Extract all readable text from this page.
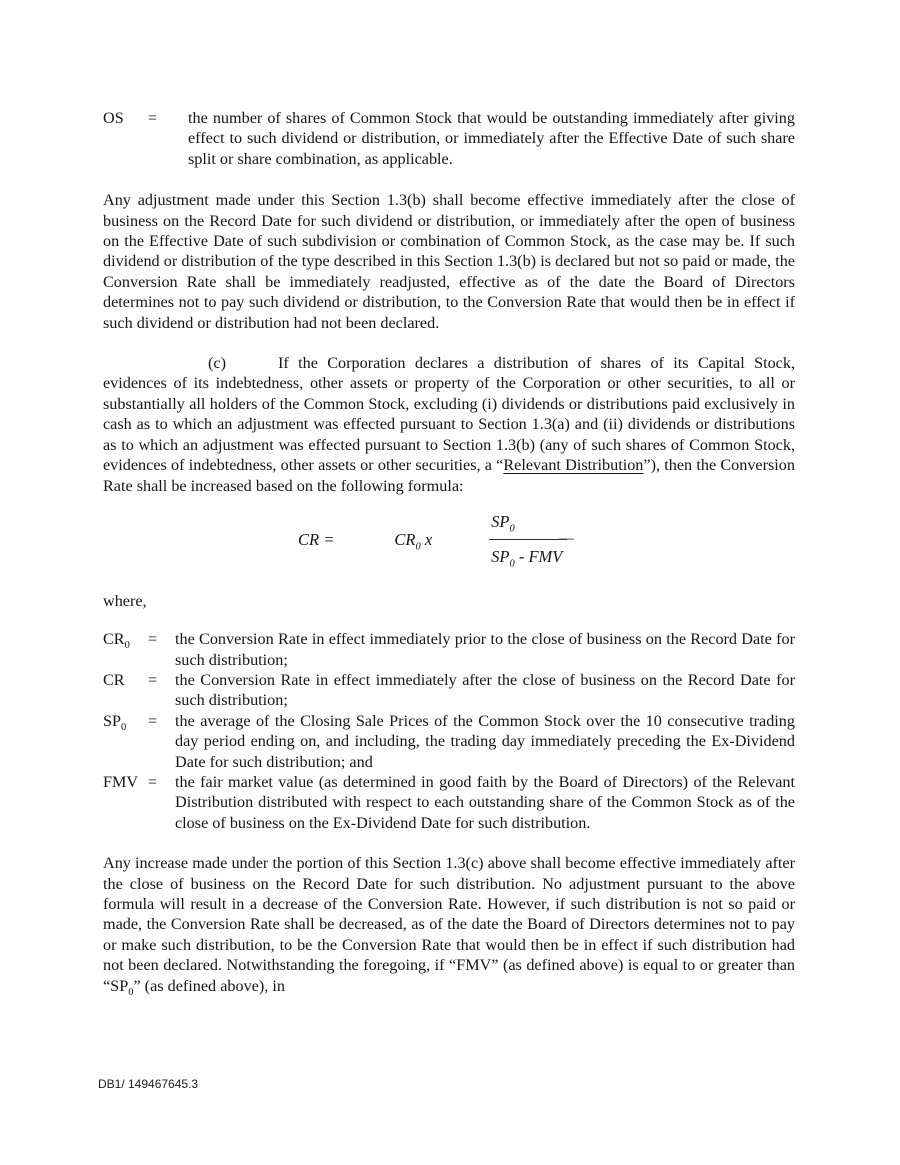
OS	=	the number of shares of Common Stock that would be outstanding immediately after giving effect to such dividend or distribution, or immediately after the Effective Date of such share split or share combination, as applicable.

Any adjustment made under this Section 1.3(b) shall become effective immediately after the close of business on the Record Date for such dividend or distribution, or immediately after the open of business on the Effective Date of such subdivision or combination of Common Stock, as the case may be. If such dividend or distribution of the type described in this Section 1.3(b) is declared but not so paid or made, the Conversion Rate shall be immediately readjusted, effective as of the date the Board of Directors determines not to pay such dividend or distribution, to the Conversion Rate that would then be in effect if such dividend or distribution had not been declared.

(c)	If the Corporation declares a distribution of shares of its Capital Stock, evidences of its indebtedness, other assets or property of the Corporation or other securities, to all or substantially all holders of the Common Stock, excluding (i) dividends or distributions paid exclusively in cash as to which an adjustment was effected pursuant to Section 1.3(a) and (ii) dividends or distributions as to which an adjustment was effected pursuant to Section 1.3(b) (any of such shares of Common Stock, evidences of indebtedness, other assets or other securities, a “Relevant Distribution”), then the Conversion Rate shall be increased based on the following formula:

CR =	$CR_0$ x
$SP_0$	—
$SP_0$ - FMV

where,

$CR_0$	=	the Conversion Rate in effect immediately prior to the close of business on the Record Date for such distribution;
CR	=	the Conversion Rate in effect immediately after the close of business on the Record Date for such distribution;
$SP_0$	=	the average of the Closing Sale Prices of the Common Stock over the 10 consecutive trading day period ending on, and including, the trading day immediately preceding the Ex-Dividend Date for such distribution; and
FMV =	the fair market value (as determined in good faith by the Board of Directors) of the Relevant Distribution distributed with respect to each outstanding share of the Common Stock as of the close of business on the Ex-Dividend Date for such distribution.

Any increase made under the portion of this Section 1.3(c) above shall become effective immediately after the close of business on the Record Date for such distribution. No adjustment pursuant to the above formula will result in a decrease of the Conversion Rate. However, if such distribution is not so paid or made, the Conversion Rate shall be decreased, as of the date the Board of Directors determines not to pay or make such distribution, to be the Conversion Rate that would then be in effect if such distribution had not been declared. Notwithstanding the foregoing, if “FMV” (as defined above) is equal to or greater than “$SP_0$” (as defined above), in

DB1/ 149467645.3
